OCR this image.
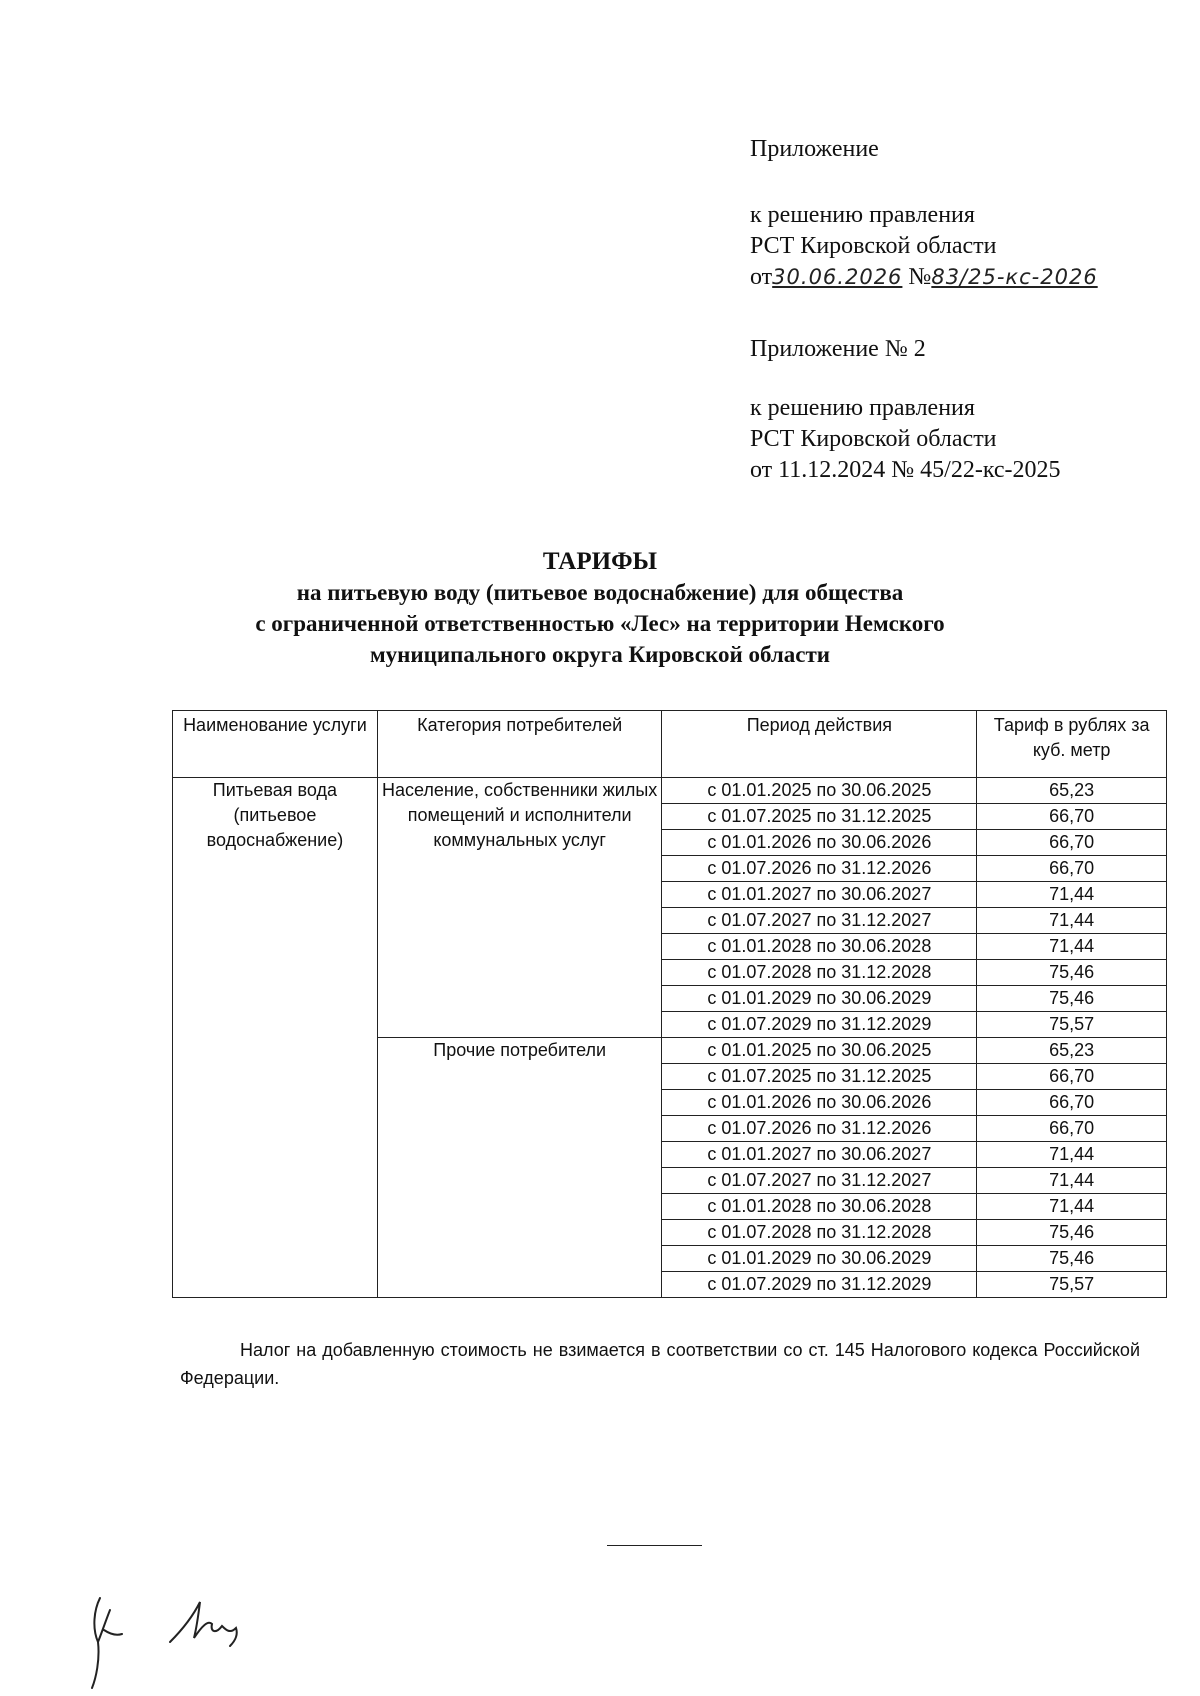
Приложение
к решению правления
РСТ Кировской области
от30.06.2026 №83/25-кс-2026
Приложение № 2
к решению правления
РСТ Кировской области
от 11.12.2024 № 45/22-кс-2025
ТАРИФЫ
на питьевую воду (питьевое водоснабжение) для общества
с ограниченной ответственностью «Лес» на территории Немского
муниципального округа Кировской области
Наименование услуги	Категория потребителей	Период действия	Тариф в рублях за куб. метр
Питьевая вода (питьевое водоснабжение)	Население, собственники жилых помещений и исполнители коммунальных услуг	с 01.01.2025 по 30.06.2025	65,23
		с 01.07.2025 по 31.12.2025	66,70
		с 01.01.2026 по 30.06.2026	66,70
		с 01.07.2026 по 31.12.2026	66,70
		с 01.01.2027 по 30.06.2027	71,44
		с 01.07.2027 по 31.12.2027	71,44
		с 01.01.2028 по 30.06.2028	71,44
		с 01.07.2028 по 31.12.2028	75,46
		с 01.01.2029 по 30.06.2029	75,46
		с 01.07.2029 по 31.12.2029	75,57
	Прочие потребители	с 01.01.2025 по 30.06.2025	65,23
		с 01.07.2025 по 31.12.2025	66,70
		с 01.01.2026 по 30.06.2026	66,70
		с 01.07.2026 по 31.12.2026	66,70
		с 01.01.2027 по 30.06.2027	71,44
		с 01.07.2027 по 31.12.2027	71,44
		с 01.01.2028 по 30.06.2028	71,44
		с 01.07.2028 по 31.12.2028	75,46
		с 01.01.2029 по 30.06.2029	75,46
		с 01.07.2029 по 31.12.2029	75,57
Налог на добавленную стоимость не взимается в соответствии со ст. 145 Налогового кодекса Российской Федерации.
